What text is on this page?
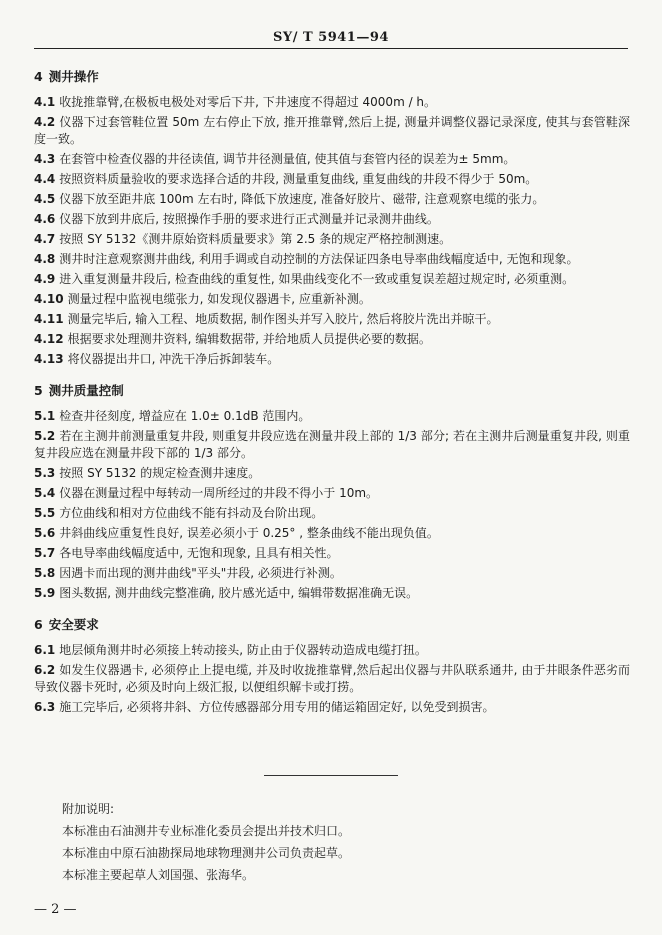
SY/ T 5941—94
4 测井操作
4.1 收拢推靠臂,在极板电极处对零后下井, 下井速度不得超过 4000m / h。
4.2 仪器下过套管鞋位置 50m 左右停止下放, 推开推靠臂,然后上提, 测量并调整仪器记录深度, 使其与套管鞋深度一致。
4.3 在套管中检查仪器的井径读值, 调节井径测量值, 使其值与套管内径的误差为± 5mm。
4.4 按照资料质量验收的要求选择合适的井段, 测量重复曲线, 重复曲线的井段不得少于 50m。
4.5 仪器下放至距井底 100m 左右时, 降低下放速度, 准备好胶片、磁带, 注意观察电缆的张力。
4.6 仪器下放到井底后, 按照操作手册的要求进行正式测量并记录测井曲线。
4.7 按照 SY 5132《测井原始资料质量要求》第 2.5 条的规定严格控制测速。
4.8 测井时注意观察测井曲线, 利用手调或自动控制的方法保证四条电导率曲线幅度适中, 无饱和现象。
4.9 进入重复测量井段后, 检查曲线的重复性, 如果曲线变化不一致或重复误差超过规定时, 必须重测。
4.10 测量过程中监视电缆张力, 如发现仪器遇卡, 应重新补测。
4.11 测量完毕后, 输入工程、地质数据, 制作图头并写入胶片, 然后将胶片洗出并晾干。
4.12 根据要求处理测井资料, 编辑数据带, 并给地质人员提供必要的数据。
4.13 将仪器提出井口, 冲洗干净后拆卸装车。
5 测井质量控制
5.1 检查井径刻度, 增益应在 1.0± 0.1dB 范围内。
5.2 若在主测井前测量重复井段, 则重复井段应选在测量井段上部的 1/3 部分; 若在主测井后测量重复井段, 则重复井段应选在测量井段下部的 1/3 部分。
5.3 按照 SY 5132 的规定检查测井速度。
5.4 仪器在测量过程中每转动一周所经过的井段不得小于 10m。
5.5 方位曲线和相对方位曲线不能有抖动及台阶出现。
5.6 井斜曲线应重复性良好, 误差必须小于 0.25° , 整条曲线不能出现负值。
5.7 各电导率曲线幅度适中, 无饱和现象, 且具有相关性。
5.8 因遇卡而出现的测井曲线"平头"井段, 必须进行补测。
5.9 图头数据, 测井曲线完整准确, 胶片感光适中, 编辑带数据准确无误。
6 安全要求
6.1 地层倾角测井时必须接上转动接头, 防止由于仪器转动造成电缆打扭。
6.2 如发生仪器遇卡, 必须停止上提电缆, 并及时收拢推靠臂,然后起出仪器与井队联系通井, 由于井眼条件恶劣而导致仪器卡死时, 必须及时向上级汇报, 以便组织解卡或打捞。
6.3 施工完毕后, 必须将井斜、方位传感器部分用专用的储运箱固定好, 以免受到损害。
附加说明:
本标准由石油测井专业标准化委员会提出并技术归口。
本标准由中原石油勘探局地球物理测井公司负责起草。
本标准主要起草人刘国强、张海华。
— 2 —
